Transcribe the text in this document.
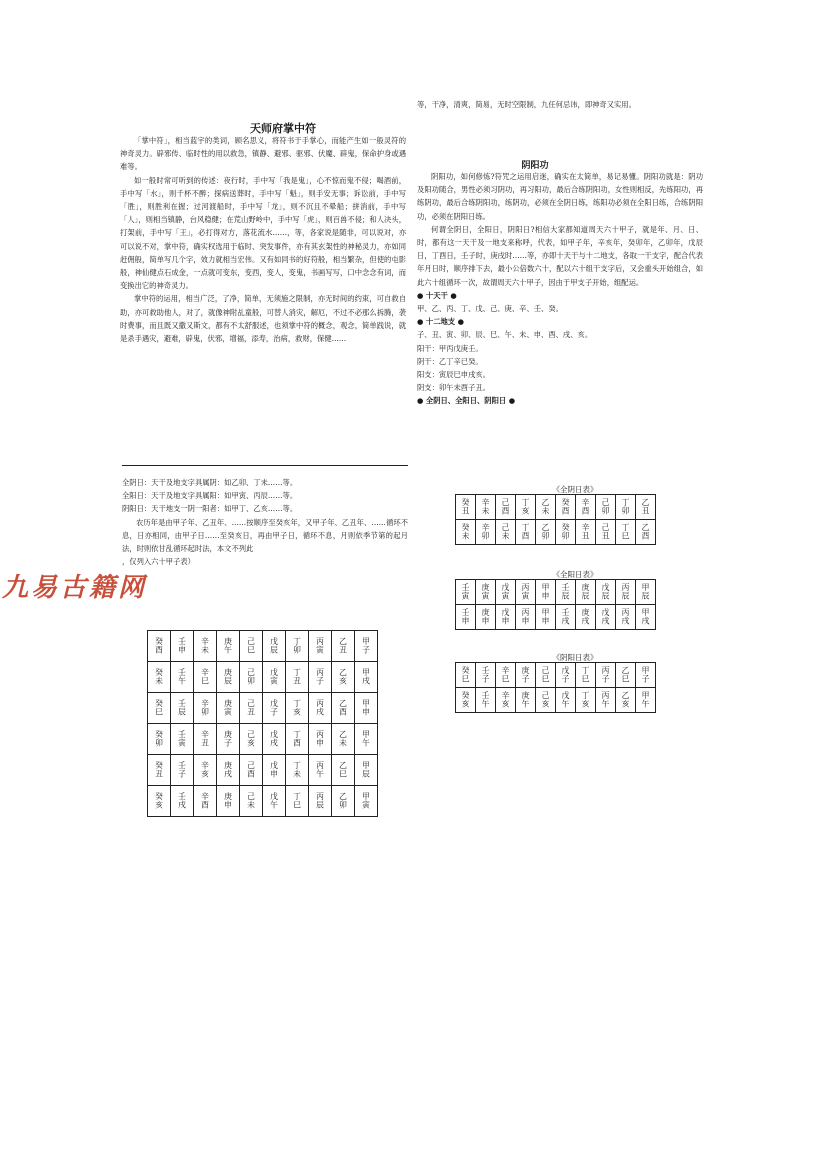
九易古籍网
天师府掌中符

「掌中符」，相当蓝宇的类词，顾名思义，将符书于手掌心，而能产生如一般灵符的神奇灵力。辟邪传、临时性的用以救急，镇静、避邪、驱邪、伏魔、辟鬼，保命护身或遇难等。

如一般时常可听到的传述：夜行时，手中写「我是鬼」，心不惊而鬼不侵；喝酒前，手中写「水」，则千杯不醉；探病送葬时，手中写「魁」，则手安无事；诉讼前，手中写「胜」，则胜利在握；过河渡船时，手中写「龙」，则不沉且不晕船；拼消前，手中写「人」，则相当镇静，台风稳健；在荒山野岭中，手中写「虎」，则百兽不侵；和人决头，打架前，手中写「王」，必打得对方，落花流水……，等，各家说是随非，可以说对，亦可以说不对，掌中符，确实权选用于临时、突发事件，亦有其玄架性的神秘灵力，亦如同赶佣般，简单写几个字，效力就相当宏伟。又有如同书的好符般，相当繁杂，但使的屯影般，神仙健点石成金，一点就可变东，变西，变人，变鬼，书画写写，口中念念有词，而变换出它的神奇灵力。

掌中符的运用，相当广泛，了净，简单，无须施之限制，亦无时间的约束，可自救自助，亦可救助他人，对了，就像神附乩童般，可替人消灾，解厄，不过不必那么拆腾，袭时费事，而且既又撒又斯文，都有不太舒服述，也须掌中符的概念，观念，简单践说，就是杀手遇灾，避难，辟鬼，伏邪，增福，添寿，治病，救财，保健……

全阴日：天干及地支字具属阴：如乙卯、丁未……等。

全阳日：天干及地支字具属阳：如甲寅、丙辰……等。

阴阳日：天干地支一阴一阳者：如甲丁、乙亥……等。

农历年是由甲子年、乙丑年、……按顺序至癸亥年，又甲子年、乙丑年、……循环不息，日亦相同，由甲子日……至癸亥日，再由甲子日，循环不息，月则依季节第的起月法，时则依甘乱循环起时法，本文不列此

，仅列入六十甲子表）

癸酉	壬申	辛未	庚午	己巳	戊辰	丁卯	丙寅	乙丑	甲子
癸未	壬午	辛巳	庚辰	己卯	戊寅	丁丑	丙子	乙亥	甲戌
癸巳	壬辰	辛卯	庚寅	己丑	戊子	丁亥	丙戌	乙酉	甲申
癸卯	壬寅	辛丑	庚子	己亥	戊戌	丁酉	丙申	乙未	甲午
癸丑	壬子	辛亥	庚戌	己酉	戊申	丁未	丙午	乙巳	甲辰
癸亥	壬戌	辛酉	庚申	己未	戊午	丁巳	丙辰	乙卯	甲寅

等，干净，清爽，简易，无时空限制，九任何忌讳，即神奇又实用。

阴阳功

阴阳功，如何修炼?符咒之运用启迷，确实在太简单，易记易懂。阴阳功就是：阴功及阳功随合，男性必须习阴功，再习阳功，最后合练阴阳功，女性则相反，先练阳功，再练阴功，最后合练阴阳功，练阴功，必须在全阴日练，练阳功必须在全阳日练，合练阴阳功，必须在阴阳日练。

何谓全阴日，全阳日，阴阳日?相信大家都知道周天六十甲子，就是年、月、日、时，都有这一天干及一地支来称呼，代表，如甲子年，辛亥年，癸卯年，乙卯年，戊辰日，丁酉日，壬子时，庚戌时……等，亦即十天干与十二地支，各取一干支字，配合代表年月日时，顺序排下去，最小公倍数六十，配以六十组干支字后，又会重头开始组合，如此六十组循环一次，故谓周天六十甲子，因由于甲支子开始，组配运。

● 十天干 ●

甲、乙、丙、丁、戊、己、庚、辛、壬、癸。

● 十二地支 ●

子、丑、寅、卯、辰、巳、午、未、申、酉、戌、亥。

阳干：甲丙戊庚壬。

阴干：乙丁辛已癸。

阳支：寅辰巳申戌亥。

阴支：卯午未酉子丑。

● 全阴日、全阳日、阴阳日 ●

《全阴日表》
癸丑	辛未	己酉	丁亥	乙未	癸酉	辛酉	己卯	丁卯	乙丑
癸未	辛卯	己未	丁酉	乙卯	癸卯	辛丑	己丑	丁巳	乙酉
《全阳日表》
壬寅	庚寅	戊寅	丙寅	甲申	壬辰	庚辰	戊辰	丙辰	甲辰
壬申	庚申	戊申	丙申	甲申	壬戌	庚戌	戊戌	丙戌	甲戌
《阴阳日表》
癸巳	壬子	辛巳	庚子	己巳	戊子	丁巳	丙子	乙巳	甲子
癸亥	壬午	辛亥	庚午	己亥	戊午	丁亥	丙午	乙亥	甲午
